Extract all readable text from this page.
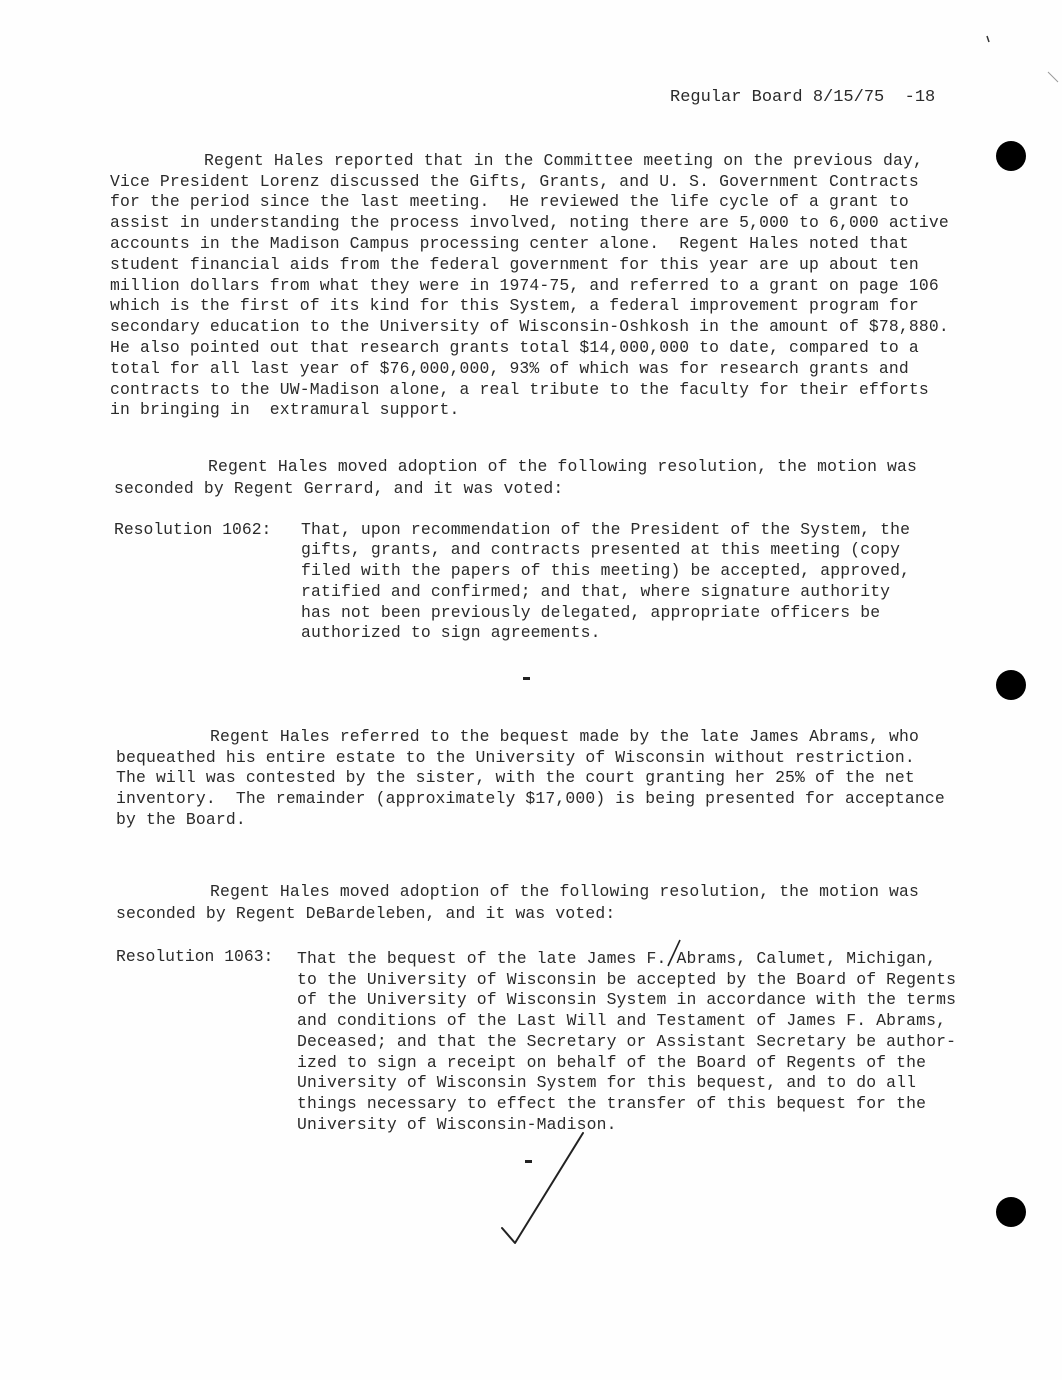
Regular Board 8/15/75  -18
Regent Hales reported that in the Committee meeting on the previous day,
Vice President Lorenz discussed the Gifts, Grants, and U. S. Government Contracts
for the period since the last meeting.  He reviewed the life cycle of a grant to
assist in understanding the process involved, noting there are 5,000 to 6,000 active
accounts in the Madison Campus processing center alone.  Regent Hales noted that
student financial aids from the federal government for this year are up about ten
million dollars from what they were in 1974-75, and referred to a grant on page 106
which is the first of its kind for this System, a federal improvement program for
secondary education to the University of Wisconsin-Oshkosh in the amount of $78,880.
He also pointed out that research grants total $14,000,000 to date, compared to a
total for all last year of $76,000,000, 93% of which was for research grants and
contracts to the UW-Madison alone, a real tribute to the faculty for their efforts
in bringing in  extramural support.
Regent Hales moved adoption of the following resolution, the motion was
seconded by Regent Gerrard, and it was voted:
Resolution 1062: That, upon recommendation of the President of the System, the
gifts, grants, and contracts presented at this meeting (copy
filed with the papers of this meeting) be accepted, approved,
ratified and confirmed; and that, where signature authority
has not been previously delegated, appropriate officers be
authorized to sign agreements.
Regent Hales referred to the bequest made by the late James Abrams, who
bequeathed his entire estate to the University of Wisconsin without restriction.
The will was contested by the sister, with the court granting her 25% of the net
inventory.  The remainder (approximately $17,000) is being presented for acceptance
by the Board.
Regent Hales moved adoption of the following resolution, the motion was
seconded by Regent DeBardeleben, and it was voted:
Resolution 1063: That the bequest of the late James F. Abrams, Calumet, Michigan,
to the University of Wisconsin be accepted by the Board of Regents
of the University of Wisconsin System in accordance with the terms
and conditions of the Last Will and Testament of James F. Abrams,
Deceased; and that the Secretary or Assistant Secretary be author-
ized to sign a receipt on behalf of the Board of Regents of the
University of Wisconsin System for this bequest, and to do all
things necessary to effect the transfer of this bequest for the
University of Wisconsin-Madison.
